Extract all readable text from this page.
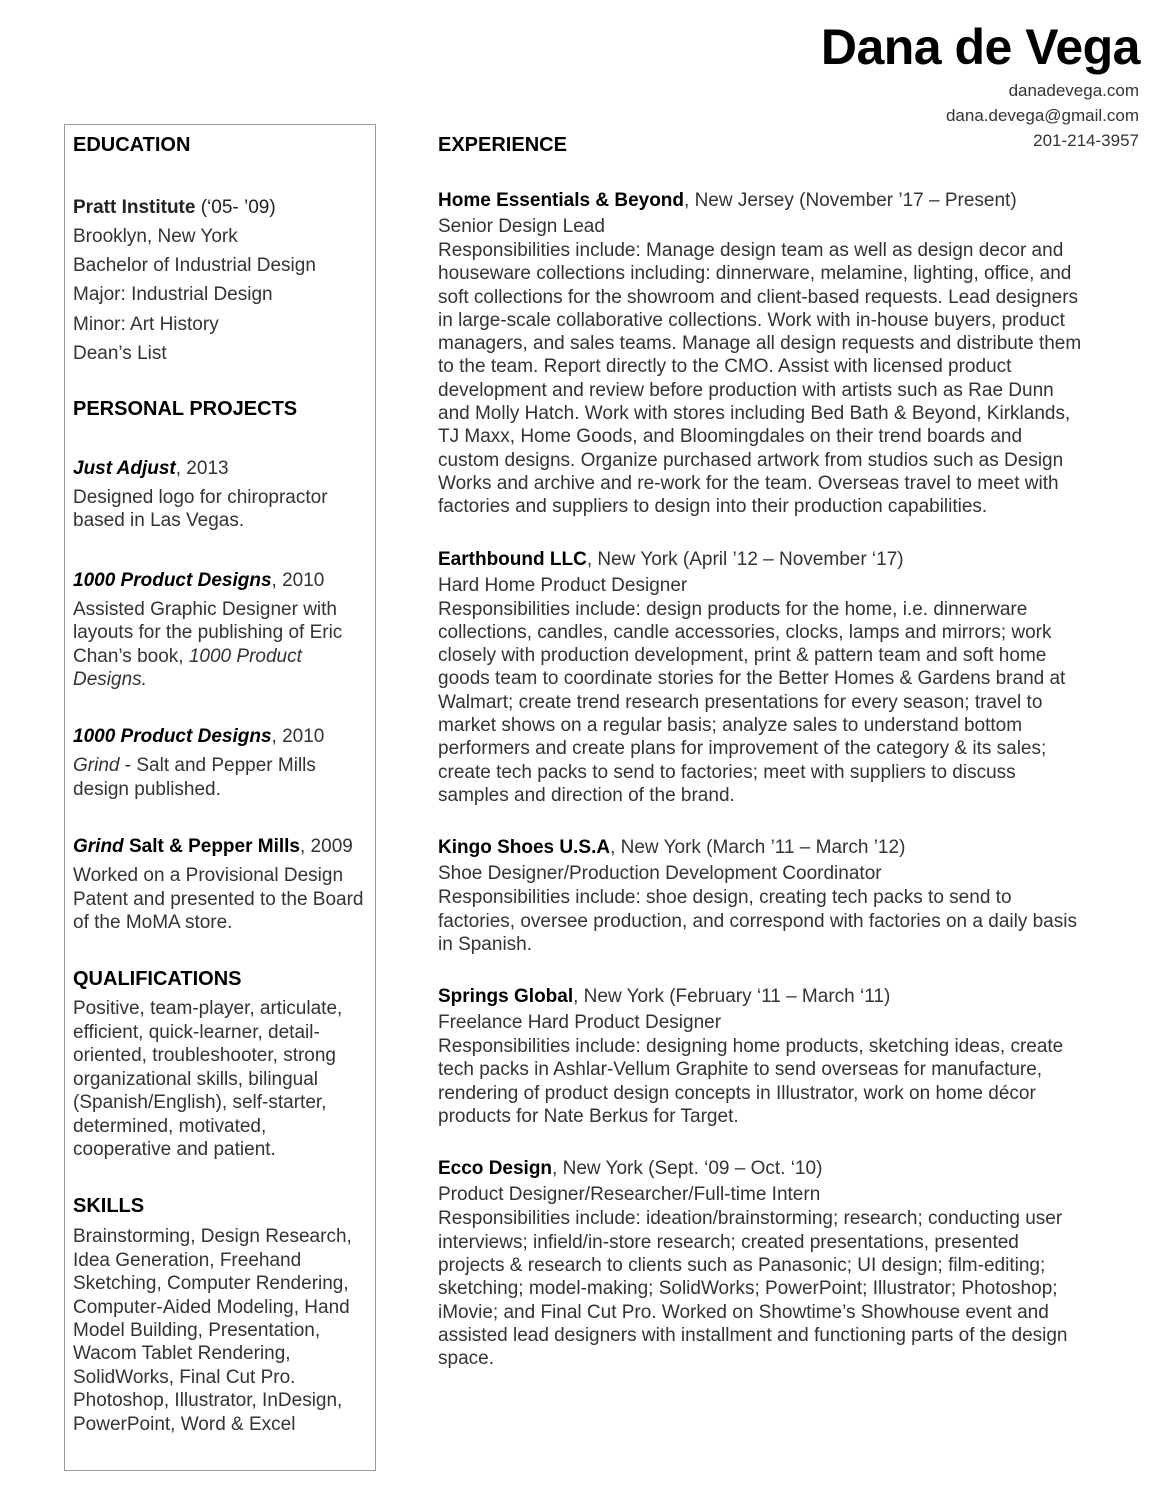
Dana de Vega
danadevega.com
dana.devega@gmail.com
201-214-3957
EDUCATION
Pratt Institute (‘05- ’09)
Brooklyn, New York
Bachelor of Industrial Design
Major: Industrial Design
Minor: Art History
Dean’s List
PERSONAL PROJECTS
Just Adjust, 2013
Designed logo for chiropractor based in Las Vegas.
1000 Product Designs, 2010
Assisted Graphic Designer with layouts for the publishing of Eric Chan’s book, 1000 Product Designs.
1000 Product Designs, 2010
Grind - Salt and Pepper Mills design published.
Grind Salt & Pepper Mills, 2009
Worked on a Provisional Design Patent and presented to the Board of the MoMA store.
QUALIFICATIONS
Positive, team-player, articulate, efficient, quick-learner, detail-oriented, troubleshooter, strong organizational skills, bilingual (Spanish/English), self-starter, determined, motivated, cooperative and patient.
SKILLS
Brainstorming, Design Research, Idea Generation, Freehand Sketching, Computer Rendering, Computer-Aided Modeling, Hand Model Building, Presentation, Wacom Tablet Rendering, SolidWorks, Final Cut Pro. Photoshop, Illustrator, InDesign, PowerPoint, Word & Excel
EXPERIENCE
Home Essentials & Beyond, New Jersey (November ’17 – Present)
Senior Design Lead
Responsibilities include: Manage design team as well as design decor and houseware collections including: dinnerware, melamine, lighting, office, and soft collections for the showroom and client-based requests. Lead designers in large-scale collaborative collections. Work with in-house buyers, product managers, and sales teams. Manage all design requests and distribute them to the team. Report directly to the CMO. Assist with licensed product development and review before production with artists such as Rae Dunn and Molly Hatch. Work with stores including Bed Bath & Beyond, Kirklands, TJ Maxx, Home Goods, and Bloomingdales on their trend boards and custom designs. Organize purchased artwork from studios such as Design Works and archive and re-work for the team. Overseas travel to meet with factories and suppliers to design into their production capabilities.
Earthbound LLC, New York (April ’12 – November ‘17)
Hard Home Product Designer
Responsibilities include: design products for the home, i.e. dinnerware collections, candles, candle accessories, clocks, lamps and mirrors; work closely with production development, print & pattern team and soft home goods team to coordinate stories for the Better Homes & Gardens brand at Walmart; create trend research presentations for every season; travel to market shows on a regular basis; analyze sales to understand bottom performers and create plans for improvement of the category & its sales; create tech packs to send to factories; meet with suppliers to discuss samples and direction of the brand.
Kingo Shoes U.S.A, New York (March ’11 – March ’12)
Shoe Designer/Production Development Coordinator
Responsibilities include: shoe design, creating tech packs to send to factories, oversee production, and correspond with factories on a daily basis in Spanish.
Springs Global, New York (February ‘11 – March ‘11)
Freelance Hard Product Designer
Responsibilities include: designing home products, sketching ideas, create tech packs in Ashlar-Vellum Graphite to send overseas for manufacture, rendering of product design concepts in Illustrator, work on home décor products for Nate Berkus for Target.
Ecco Design, New York (Sept. ‘09 – Oct. ‘10)
Product Designer/Researcher/Full-time Intern
Responsibilities include: ideation/brainstorming; research; conducting user interviews; infield/in-store research; created presentations, presented projects & research to clients such as Panasonic; UI design; film-editing; sketching; model-making; SolidWorks; PowerPoint; Illustrator; Photoshop; iMovie; and Final Cut Pro. Worked on Showtime’s Showhouse event and assisted lead designers with installment and functioning parts of the design space.
